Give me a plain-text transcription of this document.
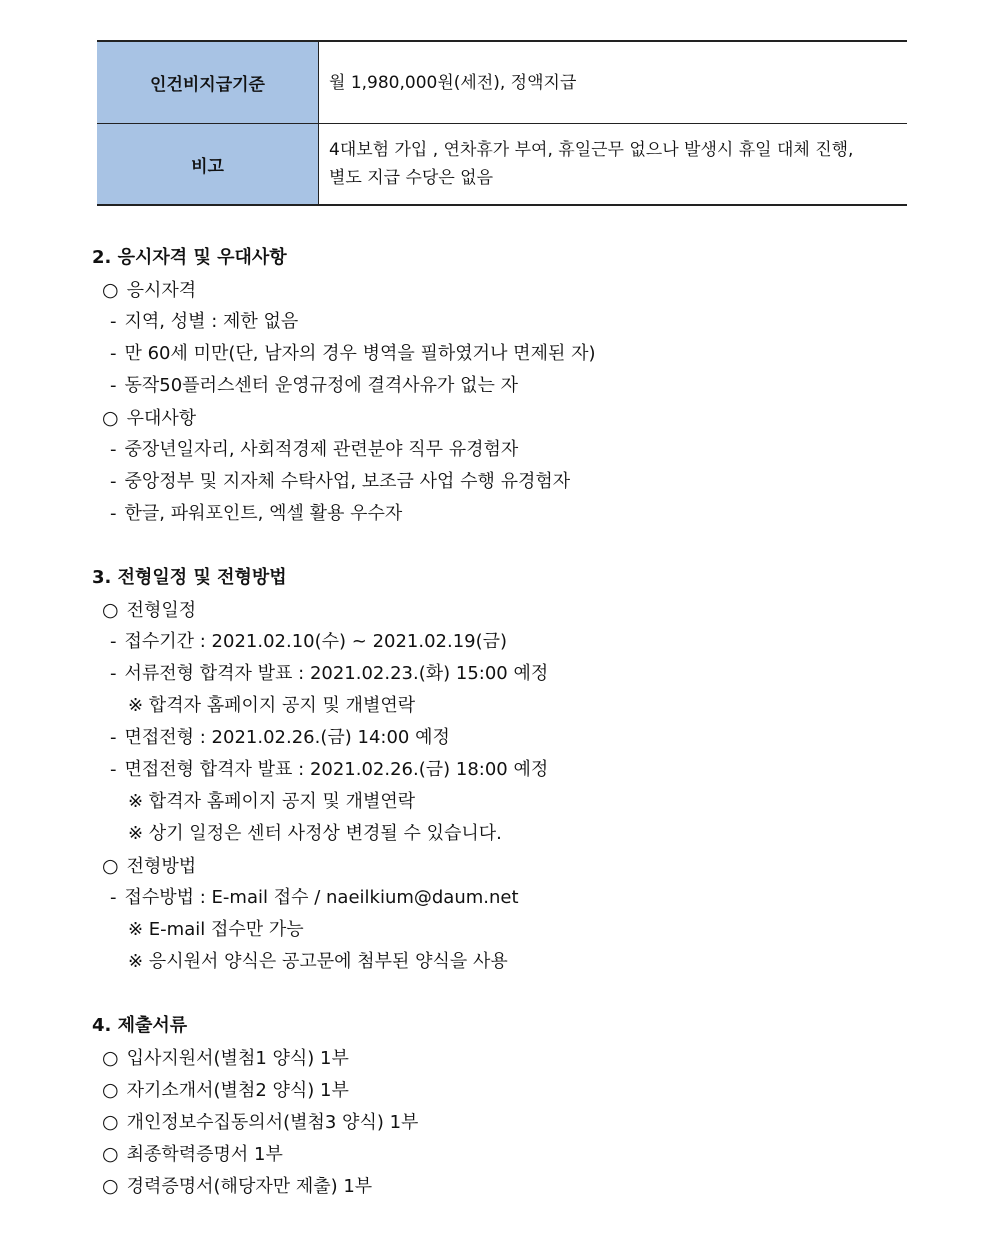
인건비지급기준	월 1,980,000원(세전), 정액지급
비고	4대보험 가입 , 연차휴가 부여, 휴일근무 없으나 발생시 휴일 대체 진행,
별도 지급 수당은 없음
2. 응시자격 및 우대사항
○ 응시자격
- 지역, 성별 : 제한 없음
- 만 60세 미만(단, 남자의 경우 병역을 필하였거나 면제된 자)
- 동작50플러스센터 운영규정에 결격사유가 없는 자
○ 우대사항
- 중장년일자리, 사회적경제 관련분야 직무 유경험자
- 중앙정부 및 지자체 수탁사업, 보조금 사업 수행 유경험자
- 한글, 파워포인트, 엑셀 활용 우수자
3. 전형일정 및 전형방법
○ 전형일정
- 접수기간 : 2021.02.10(수) ~ 2021.02.19(금)
- 서류전형 합격자 발표 : 2021.02.23.(화) 15:00 예정
※ 합격자 홈페이지 공지 및 개별연락
- 면접전형 : 2021.02.26.(금) 14:00 예정
- 면접전형 합격자 발표 : 2021.02.26.(금) 18:00 예정
※ 합격자 홈페이지 공지 및 개별연락
※ 상기 일정은 센터 사정상 변경될 수 있습니다.
○ 전형방법
- 접수방법 : E-mail 접수 / naeilkium@daum.net
※ E-mail 접수만 가능
※ 응시원서 양식은 공고문에 첨부된 양식을 사용
4. 제출서류
○ 입사지원서(별첨1 양식) 1부
○ 자기소개서(별첨2 양식) 1부
○ 개인정보수집동의서(별첨3 양식) 1부
○ 최종학력증명서 1부
○ 경력증명서(해당자만 제출) 1부
